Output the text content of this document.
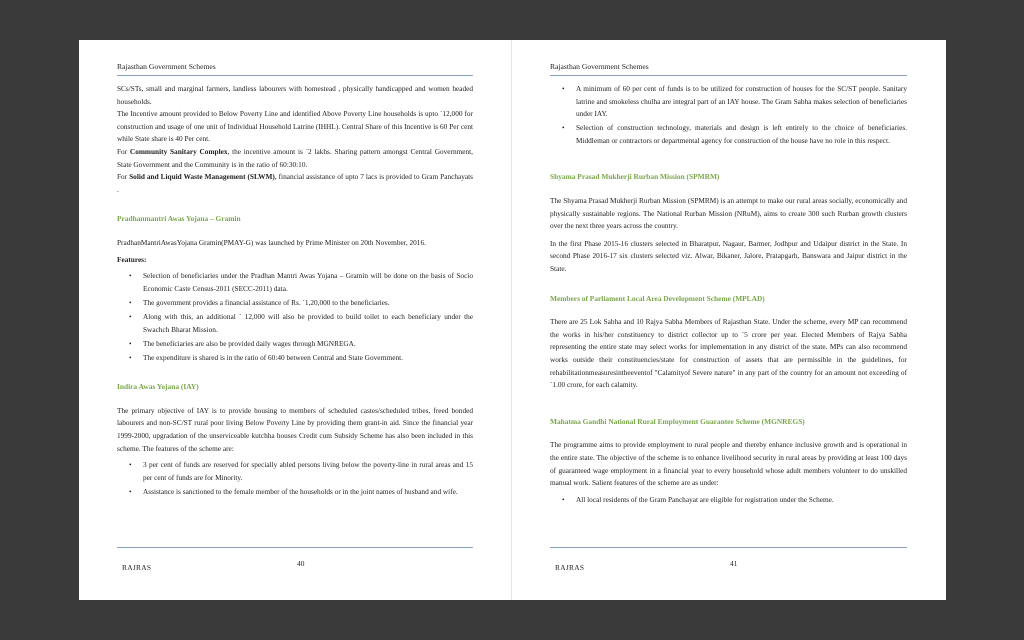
Rajasthan Government Schemes

SCs/STs, small and marginal farmers, landless labourers with homestead , physically handicapped and women headed households.

The Incentive amount provided to Below Poverty Line and identified Above Poverty Line households is upto `12,000 for construction and usage of one unit of Individual Household Latrine (IHHL). Central Share of this Incentive is 60 Per cent while State share is 40 Per cent.

For Community Sanitary Complex, the incentive amount is `2 lakhs. Sharing pattern amongst Central Government, State Government and the Community is in the ratio of 60:30:10.

For Solid and Liquid Waste Management (SLWM), financial assistance of upto 7 lacs is provided to Gram Panchayats .

Pradhanmantri Awas Yojana – Gramin

PradhanMantriAwasYojana Gramin(PMAY-G) was launched by Prime Minister on 20th November, 2016.

Features:
• Selection of beneficiaries under the Pradhan Mantri Awas Yojana – Gramin will be done on the basis of Socio Economic Caste Census-2011 (SECC-2011) data.
• The government provides a financial assistance of Rs. `1,20,000 to the beneficiaries.
• Along with this, an additional ` 12,000 will also be provided to build toilet to each beneficiary under the Swachch Bharat Mission.
• The beneficiaries are also be provided daily wages through MGNREGA.
• The expenditure is shared is in the ratio of 60:40 between Central and State Government.
Indira Awas Yojana (IAY)

The primary objective of IAY is to provide housing to members of scheduled castes/scheduled tribes, freed bonded labourers and non-SC/ST rural poor living Below Poverty Line by providing them grant-in aid. Since the financial year 1999-2000, upgradation of the unserviceable kutchha houses Credit cum Subsidy Scheme has also been included in this scheme. The features of the scheme are:

• 3 per cent of funds are reserved for specially abled persons living below the poverty-line in rural areas and 15 per cent of funds are for Minority.
• Assistance is sanctioned to the female member of the households or in the joint names of husband and wife.
RAJRAS	40
Rajasthan Government Schemes
• A minimum of 60 per cent of funds is to be utilized for construction of houses for the SC/ST people. Sanitary latrine and smokeless chulha are integral part of an IAY house. The Gram Sabha makes selection of beneficiaries under IAY.
• Selection of construction technology, materials and design is left entirely to the choice of beneficiaries. Middleman or contractors or departmental agency for construction of the house have no role in this respect.
Shyama Prasad Mukherji Rurban Mission (SPMRM)

The Shyama Prasad Mukherji Rurban Mission (SPMRM) is an attempt to make our rural areas socially, economically and physically sustainable regions. The National Rurban Mission (NRuM), aims to create 300 such Rurban growth clusters over the next three years across the country.

In the first Phase 2015-16 clusters selected in Bharatpur, Nagaur, Barmer, Jodhpur and Udaipur district in the State. In second Phase 2016-17 six clusters selected viz. Alwar, Bikaner, Jalore, Pratapgarh, Banswara and Jaipur district in the State.

Members of Parliament Local Area Development Scheme (MPLAD)

There are 25 Lok Sabha and 10 Rajya Sabha Members of Rajasthan State. Under the scheme, every MP can recommend the works in his/her constituency to district collector up to `5 crore per year. Elected Members of Rajya Sabha representing the entire state may select works for implementation in any district of the state. MPs can also recommend works outside their constituencies/state for construction of assets that are permissible in the guidelines, for rehabilitationmeasuresintheeventof "Calamityof Severe nature" in any part of the country for an amount not exceeding of `1.00 crore, for each calamity.

Mahatma Gandhi National Rural Employment Guarantee Scheme (MGNREGS)

The programme aims to provide employment to rural people and thereby enhance inclusive growth and is operational in the entire state. The objective of the scheme is to enhance livelihood security in rural areas by providing at least 100 days of guaranteed wage employment in a financial year to every household whose adult members volunteer to do unskilled manual work. Salient features of the scheme are as under:

• All local residents of the Gram Panchayat are eligible for registration under the Scheme.
RAJRAS	41
